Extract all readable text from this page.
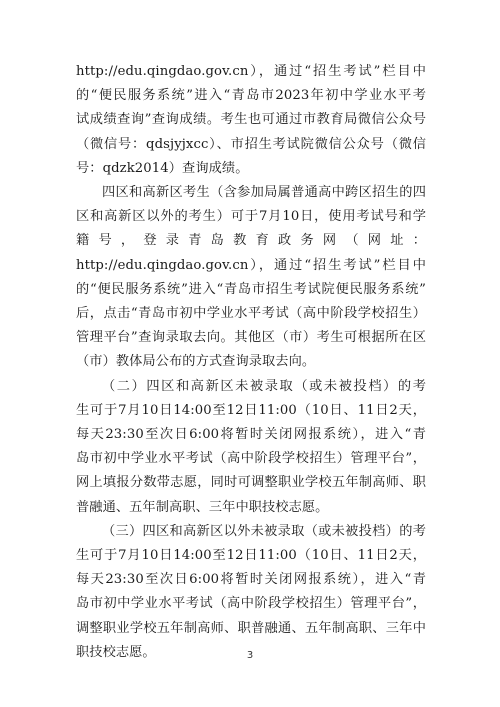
http://edu.qingdao.gov.cn），通过“招生考试”栏目中
的“便民服务系统”进入“青岛市2023年初中学业水平考
试成绩查询”查询成绩。考生也可通过市教育局微信公众号
（微信号：qdsjyjxcc）、市招生考试院微信公众号（微信
号：qdzk2014）查询成绩。

四区和高新区考生（含参加局属普通高中跨区招生的四
区和高新区以外的考生）可于7月10日，使用考试号和学
籍号，登录青岛教育政务网（网址：
http://edu.qingdao.gov.cn），通过“招生考试”栏目中
的“便民服务系统”进入“青岛市招生考试院便民服务系统”
后，点击“青岛市初中学业水平考试（高中阶段学校招生）
管理平台”查询录取去向。其他区（市）考生可根据所在区
（市）教体局公布的方式查询录取去向。

（二）四区和高新区未被录取（或未被投档）的考
生可于7月10日14:00至12日11:00（10日、11日2天，
每天23:30至次日6:00将暂时关闭网报系统），进入“青
岛市初中学业水平考试（高中阶段学校招生）管理平台”，
网上填报分数带志愿，同时可调整职业学校五年制高师、职
普融通、五年制高职、三年中职技校志愿。

（三）四区和高新区以外未被录取（或未被投档）的考
生可于7月10日14:00至12日11:00（10日、11日2天，
每天23:30至次日6:00将暂时关闭网报系统），进入“青
岛市初中学业水平考试（高中阶段学校招生）管理平台”，
调整职业学校五年制高师、职普融通、五年制高职、三年中
职技校志愿。	3
